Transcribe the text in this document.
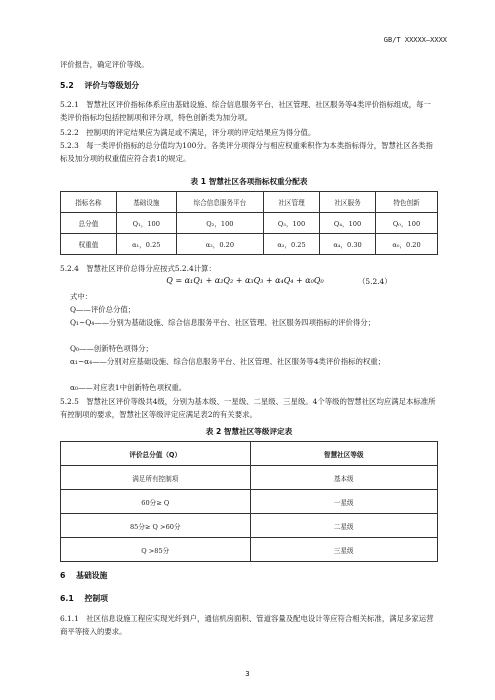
GB/T XXXXX—XXXX
评价报告，确定评价等级。
5.2 评价与等级划分
5.2.1　智慧社区评价指标体系应由基础设施、综合信息服务平台、社区管理、社区服务等4类评价指标组成，每一类评价指标均包括控制项和评分项，特色创新类为加分项。
5.2.2　控制项的评定结果应为满足或不满足，评分项的评定结果应为得分值。
5.2.3　每一类评价指标的总分值均为100分。各类评分项得分与相应权重乘积作为本类指标得分，智慧社区各类指标及加分项的权重值应符合表1的规定。
表 1 智慧社区各项指标权重分配表
指标名称	基础设施	综合信息服务平台	社区管理	社区服务	特色创新
总分值	Q₁，100	Q₂，100	Q₃，100	Q₄，100	Q₀，100
权重值	α₁，0.25	α₂，0.20	α₃，0.25	α₄，0.30	α₀，0.20
5.2.4　智慧社区评价总得分应按式5.2.4计算：
Q = α₁Q₁ + α₂Q₂ + α₃Q₃ + α₄Q₄ + α₀Q₀	（5.2.4）
式中：
Q——评价总分值；
Q₁~Q₄——分别为基础设施、综合信息服务平台、社区管理、社区服务四项指标的评价得分；
Q₀——创新特色项得分；
α₁~α₄——分别对应基础设施、综合信息服务平台、社区管理、社区服务等4类评价指标的权重；
α₀——对应表1中创新特色项权重。
5.2.5　智慧社区评价等级共4级，分别为基本级、一星级、二星级、三星级。4个等级的智慧社区均应满足本标准所有控制项的要求，智慧社区等级评定应满足表2的有关要求。
表 2 智慧社区等级评定表
评价总分值（Q）	智慧社区等级
满足所有控制项	基本级
60分≥ Q	一星级
85分≥ Q >60分	二星级
Q >85分	三星级
6 基础设施
6.1 控制项
6.1.1　社区信息设施工程应实现光纤到户，通信机房面积、管道容量及配电设计等应符合相关标准，满足多家运营商平等接入的要求。
3
